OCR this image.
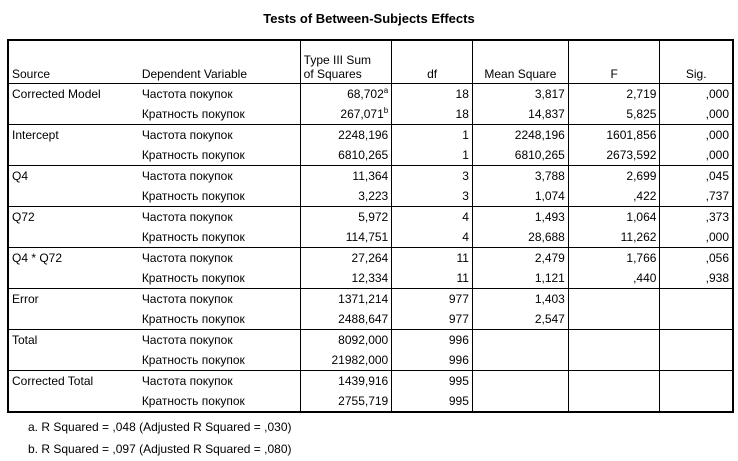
Tests of Between-Subjects Effects
Source	Dependent Variable	Type III Sum
of Squares	df	Mean Square	F	Sig.
Corrected Model	Частота покупок	68,702$^a$	18	3,817	2,719	,000
	Кратность покупок	267,071$^b$	18	14,837	5,825	,000
Intercept	Частота покупок	2248,196	1	2248,196	1601,856	,000
	Кратность покупок	6810,265	1	6810,265	2673,592	,000
Q4	Частота покупок	11,364	3	3,788	2,699	,045
	Кратность покупок	3,223	3	1,074	,422	,737
Q72	Частота покупок	5,972	4	1,493	1,064	,373
	Кратность покупок	114,751	4	28,688	11,262	,000
Q4 * Q72	Частота покупок	27,264	11	2,479	1,766	,056
	Кратность покупок	12,334	11	1,121	,440	,938
Error	Частота покупок	1371,214	977	1,403		
	Кратность покупок	2488,647	977	2,547		
Total	Частота покупок	8092,000	996			
	Кратность покупок	21982,000	996			
Corrected Total	Частота покупок	1439,916	995			
	Кратность покупок	2755,719	995			
a. R Squared = ,048 (Adjusted R Squared = ,030)
b. R Squared = ,097 (Adjusted R Squared = ,080)
